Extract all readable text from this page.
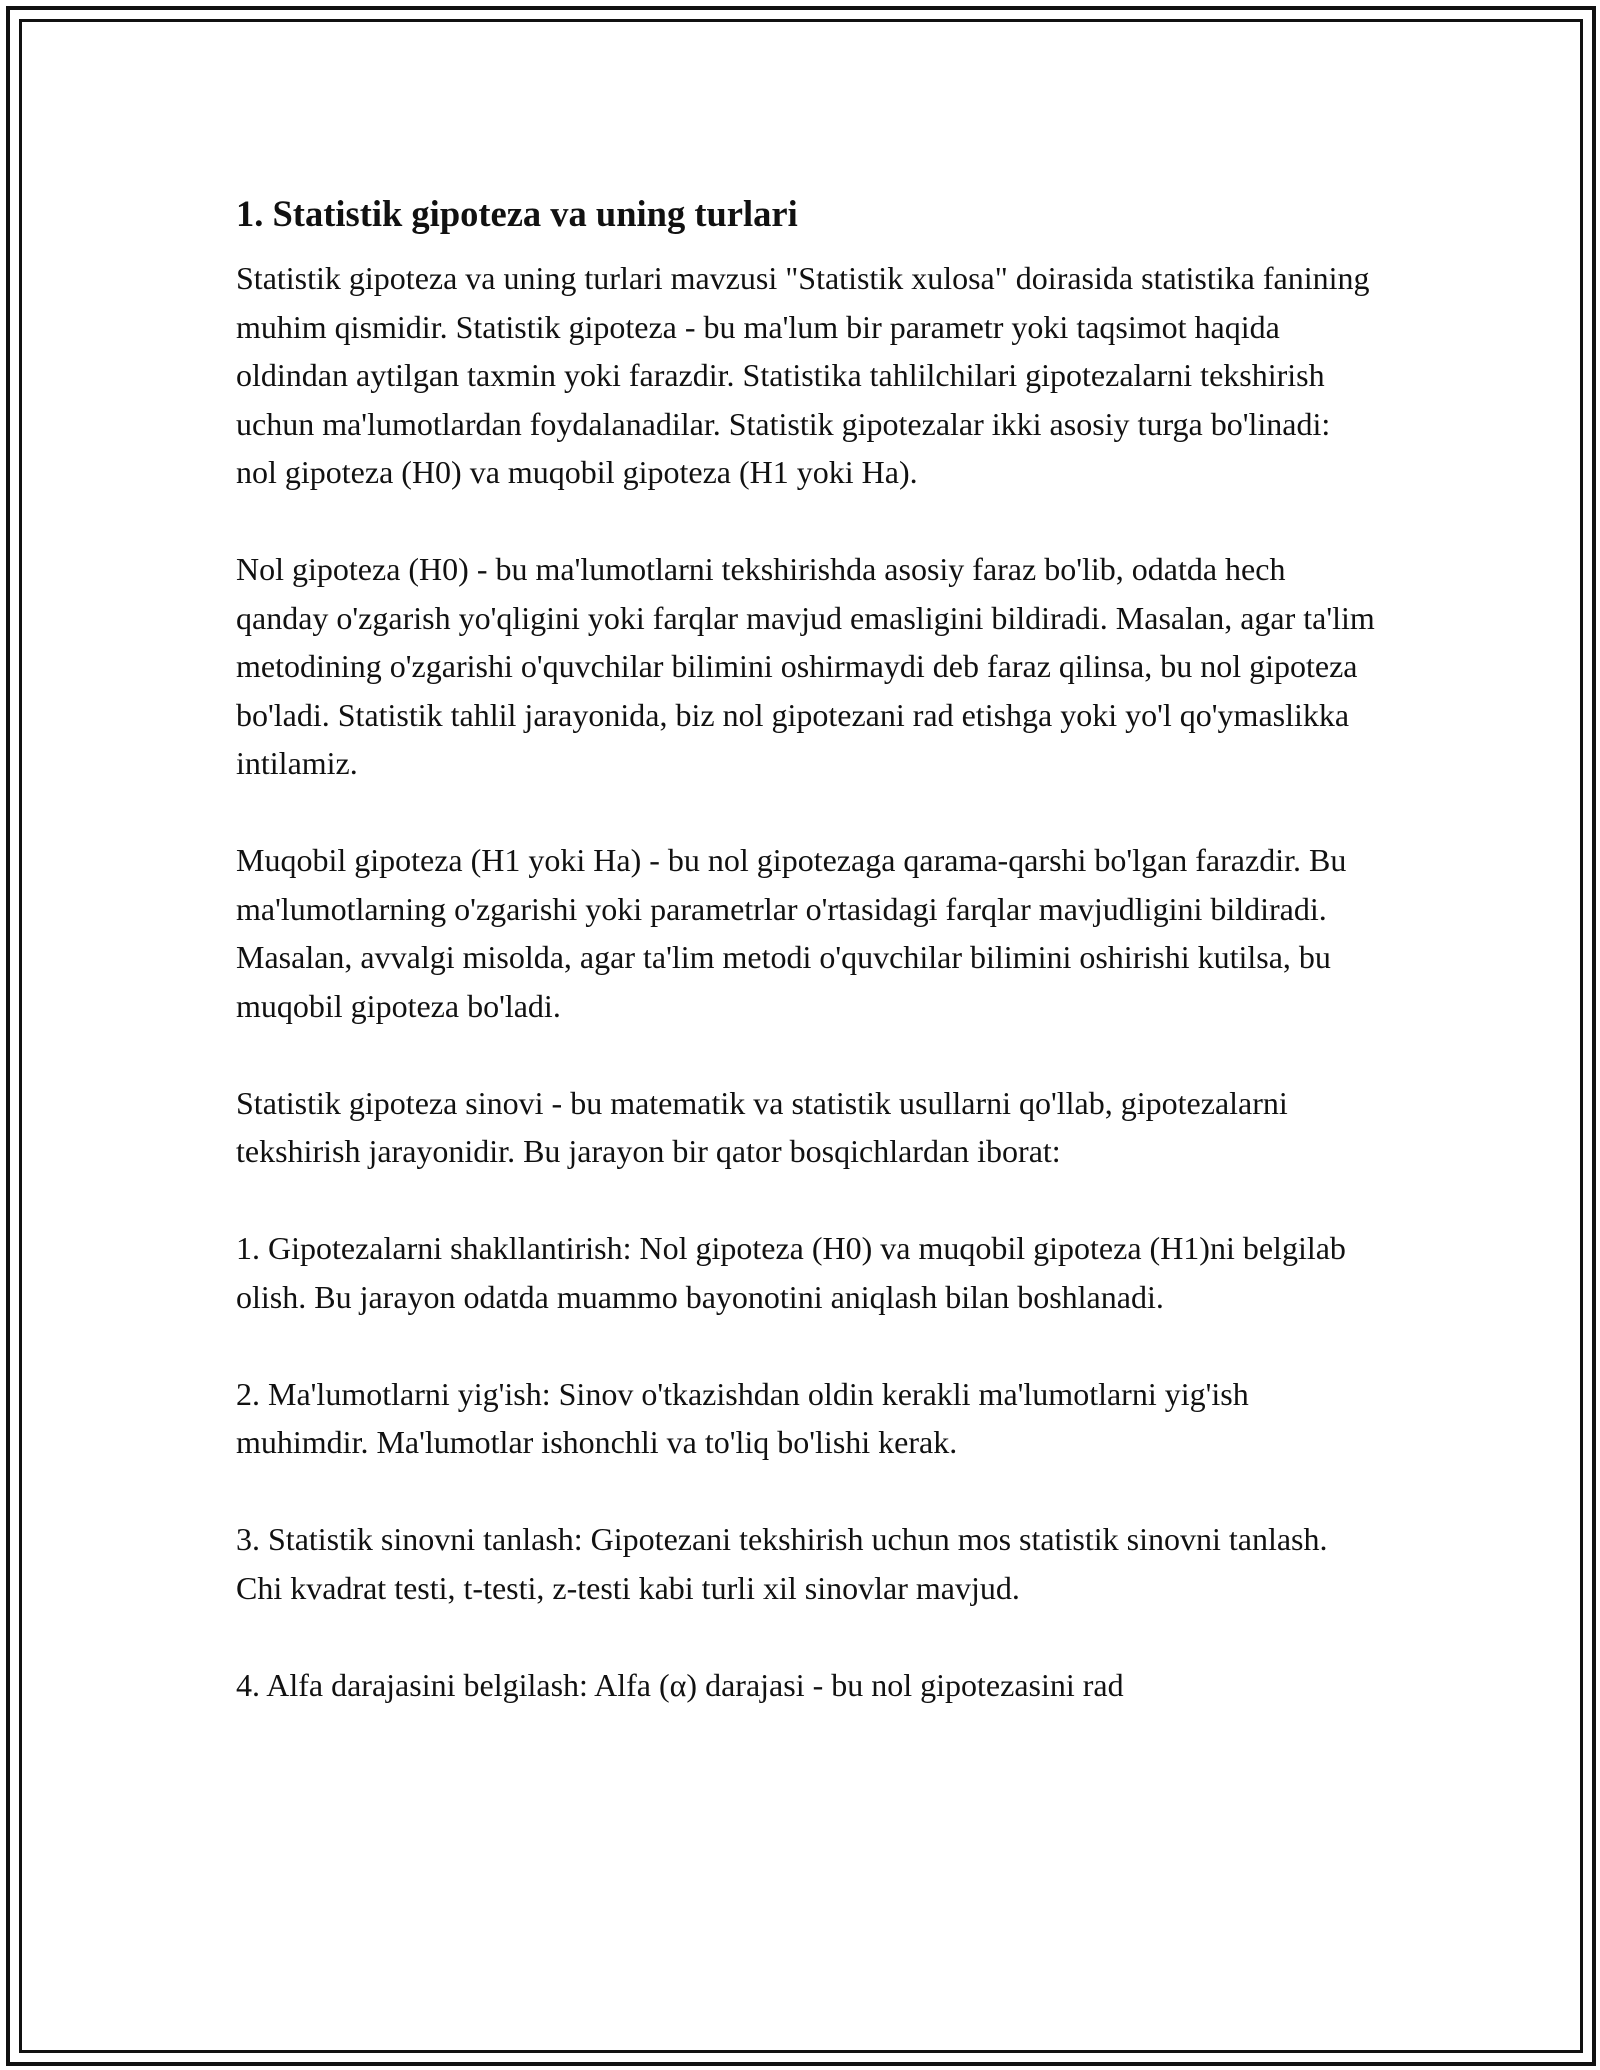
1. Statistik gipoteza va uning turlari

Statistik gipoteza va uning turlari mavzusi "Statistik xulosa" doirasida statistika fanining muhim qismidir. Statistik gipoteza - bu ma'lum bir parametr yoki taqsimot haqida oldindan aytilgan taxmin yoki farazdir. Statistika tahlilchilari gipotezalarni tekshirish uchun ma'lumotlardan foydalanadilar. Statistik gipotezalar ikki asosiy turga bo'linadi: nol gipoteza (H0) va muqobil gipoteza (H1 yoki Ha).

Nol gipoteza (H0) - bu ma'lumotlarni tekshirishda asosiy faraz bo'lib, odatda hech qanday o'zgarish yo'qligini yoki farqlar mavjud emasligini bildiradi. Masalan, agar ta'lim metodining o'zgarishi o'quvchilar bilimini oshirmaydi deb faraz qilinsa, bu nol gipoteza bo'ladi. Statistik tahlil jarayonida, biz nol gipotezani rad etishga yoki yo'l qo'ymaslikka intilamiz.

Muqobil gipoteza (H1 yoki Ha) - bu nol gipotezaga qarama-qarshi bo'lgan farazdir. Bu ma'lumotlarning o'zgarishi yoki parametrlar o'rtasidagi farqlar mavjudligini bildiradi. Masalan, avvalgi misolda, agar ta'lim metodi o'quvchilar bilimini oshirishi kutilsa, bu muqobil gipoteza bo'ladi.

Statistik gipoteza sinovi - bu matematik va statistik usullarni qo'llab, gipotezalarni tekshirish jarayonidir. Bu jarayon bir qator bosqichlardan iborat:

1. Gipotezalarni shakllantirish: Nol gipoteza (H0) va muqobil gipoteza (H1)ni belgilab olish. Bu jarayon odatda muammo bayonotini aniqlash bilan boshlanadi.

2. Ma'lumotlarni yig'ish: Sinov o'tkazishdan oldin kerakli ma'lumotlarni yig'ish muhimdir. Ma'lumotlar ishonchli va to'liq bo'lishi kerak.

3. Statistik sinovni tanlash: Gipotezani tekshirish uchun mos statistik sinovni tanlash. Chi kvadrat testi, t-testi, z-testi kabi turli xil sinovlar mavjud.

4. Alfa darajasini belgilash: Alfa (α) darajasi - bu nol gipotezasini rad
